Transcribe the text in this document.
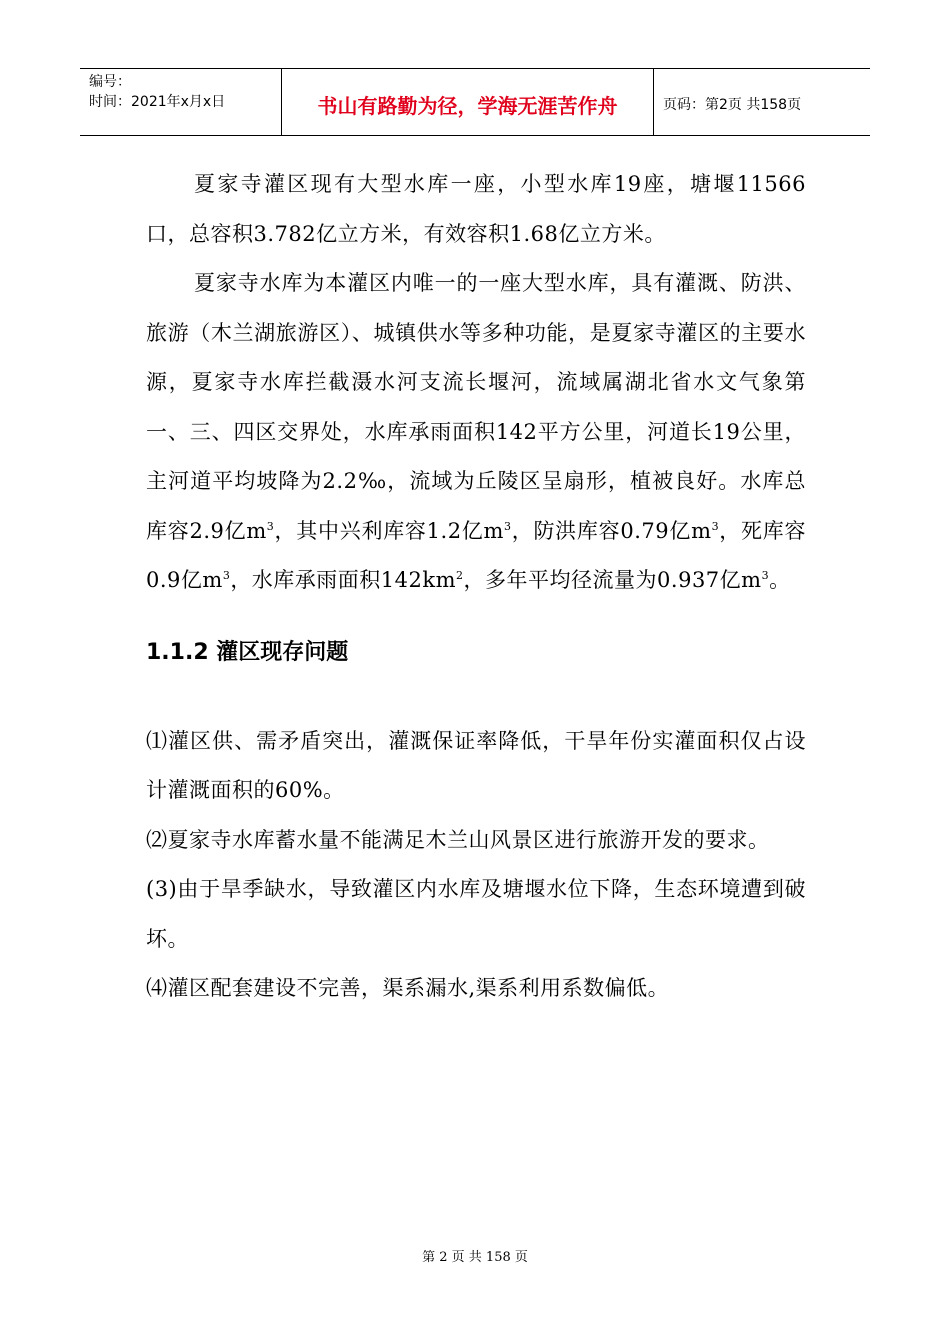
编号：
时间：2021年x月x日	书山有路勤为径，学海无涯苦作舟	页码：第2页 共158页

夏家寺灌区现有大型水库一座，小型水库19座，塘堰11566口，总容积3.782亿立方米，有效容积1.68亿立方米。

夏家寺水库为本灌区内唯一的一座大型水库，具有灌溉、防洪、旅游（木兰湖旅游区）、城镇供水等多种功能，是夏家寺灌区的主要水源，夏家寺水库拦截滠水河支流长堰河，流域属湖北省水文气象第一、三、四区交界处，水库承雨面积142平方公里，河道长19公里，主河道平均坡降为2.2‰，流域为丘陵区呈扇形，植被良好。水库总库容2.9亿$m^3$，其中兴利库容1.2亿$m^3$，防洪库容0.79亿$m^3$，死库容0.9亿$m^3$，水库承雨面积$142km^2$，多年平均径流量为0.937亿$m^3$。

1.1.2 灌区现存问题

⑴灌区供、需矛盾突出，灌溉保证率降低，干旱年份实灌面积仅占设计灌溉面积的60%。

⑵夏家寺水库蓄水量不能满足木兰山风景区进行旅游开发的要求。

(3)由于旱季缺水，导致灌区内水库及塘堰水位下降，生态环境遭到破坏。

⑷灌区配套建设不完善，渠系漏水,渠系利用系数偏低。

第 2 页 共 158 页
